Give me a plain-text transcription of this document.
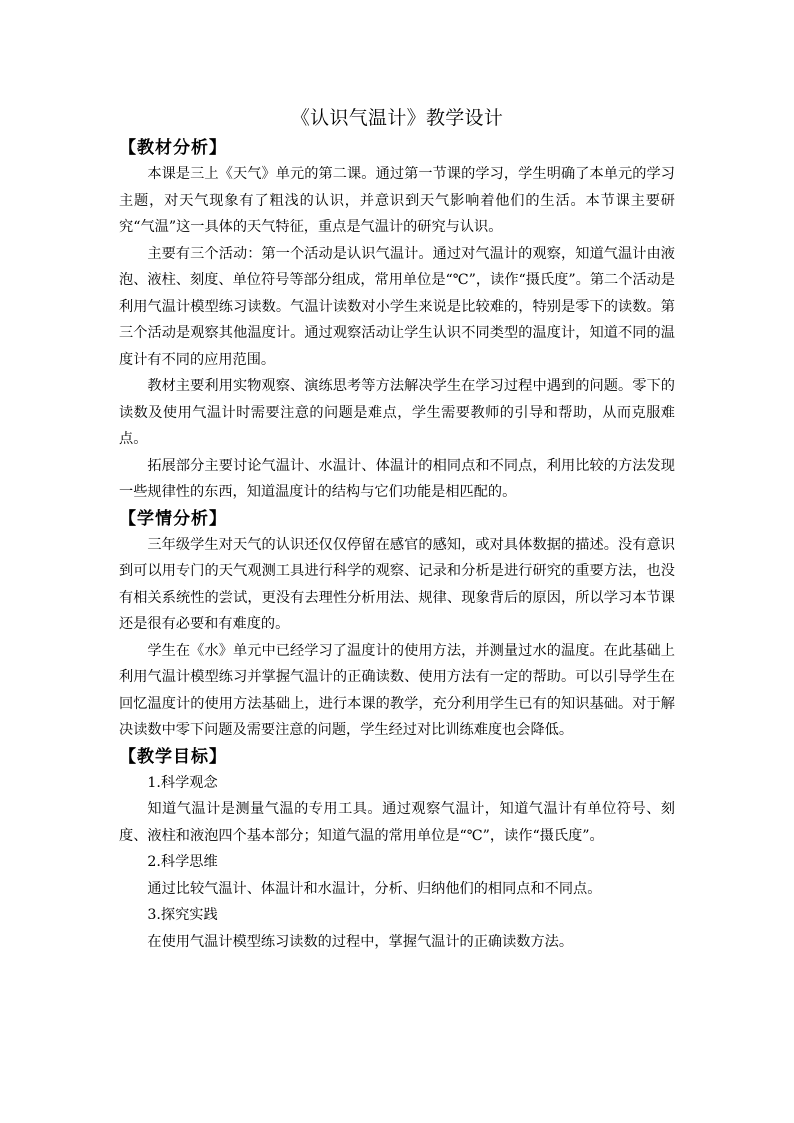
《认识气温计》教学设计
【教材分析】

本课是三上《天气》单元的第二课。通过第一节课的学习，学生明确了本单元的学习主题，对天气现象有了粗浅的认识，并意识到天气影响着他们的生活。本节课主要研究“气温”这一具体的天气特征，重点是气温计的研究与认识。

主要有三个活动：第一个活动是认识气温计。通过对气温计的观察，知道气温计由液泡、液柱、刻度、单位符号等部分组成，常用单位是“℃”，读作“摄氏度”。第二个活动是利用气温计模型练习读数。气温计读数对小学生来说是比较难的，特别是零下的读数。第三个活动是观察其他温度计。通过观察活动让学生认识不同类型的温度计，知道不同的温度计有不同的应用范围。

教材主要利用实物观察、演练思考等方法解决学生在学习过程中遇到的问题。零下的读数及使用气温计时需要注意的问题是难点，学生需要教师的引导和帮助，从而克服难点。

拓展部分主要讨论气温计、水温计、体温计的相同点和不同点，利用比较的方法发现一些规律性的东西，知道温度计的结构与它们功能是相匹配的。

【学情分析】

三年级学生对天气的认识还仅仅停留在感官的感知，或对具体数据的描述。没有意识到可以用专门的天气观测工具进行科学的观察、记录和分析是进行研究的重要方法，也没有相关系统性的尝试，更没有去理性分析用法、规律、现象背后的原因，所以学习本节课还是很有必要和有难度的。

学生在《水》单元中已经学习了温度计的使用方法，并测量过水的温度。在此基础上利用气温计模型练习并掌握气温计的正确读数、使用方法有一定的帮助。可以引导学生在回忆温度计的使用方法基础上，进行本课的教学，充分利用学生已有的知识基础。对于解决读数中零下问题及需要注意的问题，学生经过对比训练难度也会降低。

【教学目标】

1.科学观念

知道气温计是测量气温的专用工具。通过观察气温计，知道气温计有单位符号、刻度、液柱和液泡四个基本部分；知道气温的常用单位是“℃”，读作“摄氏度”。

2.科学思维

通过比较气温计、体温计和水温计，分析、归纳他们的相同点和不同点。

3.探究实践

在使用气温计模型练习读数的过程中，掌握气温计的正确读数方法。
